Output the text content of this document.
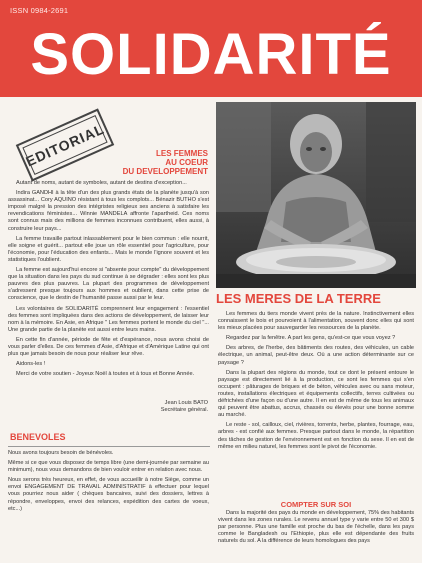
ISSN 0984-2691
SOLIDARITÉ
EDITORIAL	LES FEMMES
AU COEUR
DU DEVELOPPEMENT

Autant de noms, autant de symboles, autant de destins d'exception...

Indira GANDHI à la tête d'un des plus grands états de la planète jusqu'à son assassinat... Cory AQUINO résistant à tous les complots... Bénazir BUTHO s'est imposé malgré la pression des intégristes religieux ses anciens à satisfaire les revendications féministes... Winnie MANDELA affronte l'apartheid. Ces noms sont connus mais des millions de femmes inconnues contribuent, elles aussi, à construire leur pays...

La femme travaille partout inlassablement pour le bien commun : elle nourrit, elle soigne et guérit... partout elle joue un rôle essentiel pour l'agriculture, pour l'économie, pour l'éducation des enfants... Mais le monde l'ignore souvent et les statistiques l'oublient.

La femme est aujourd'hui encore si "absente pour compte" du développement que la situation dans les pays du sud continue à se dégrader : elles sont les plus pauvres des plus pauvres. La plupart des programmes de développement s'adressent presque toujours aux hommes et oublient, dans cette prise de conscience, que le destin de l'humanité passe aussi par le leur.

Les volontaires de SOLIDARITÉ comprennent leur engagement : l'essentiel des femmes sont impliquées dans des actions de développement, de laisser leur nom à la mémoire. En Asie, en Afrique " Les femmes portent le monde du ciel "... Une grande partie de la planète est aussi entre leurs mains.

En cette fin d'année, période de fête et d'espérance, nous avons choisi de vous parler d'elles. De ces femmes d'Asie, d'Afrique et d'Amérique Latine qui ont plus que jamais besoin de nous pour réaliser leur rêve.

Aidons-les !

Merci de votre soutien - Joyeux Noël à toutes et à tous et Bonne Année.

Jean Louis BATO
Secrétaire général.
BENEVOLES

Nous avons toujours besoin de bénévoles.

Même si ce que vous disposez de temps libre (une demi-journée par semaine au minimum), nous vous demandons de bien vouloir entrer en relation avec nous.

Nous serons très heureux, en effet, de vous accueillir à notre Siège, comme un envoi ENGAGEMENT DE TRAVAIL ADMINISTRATIF à effectuer pour lequel vous pourriez nous aider ( chèques bancaires, suivi des dossiers, lettres à répondre, enveloppes, envoi des relances, expédition des cartes de voeux, etc...)

LES MERES DE LA TERRE

Les femmes du tiers monde vivent près de la nature. Instinctivement elles connaissent le bois et pourvoient à l'alimentation, souvent donc elles qui sont les mieux placées pour sauvegarder les ressources de la planète.

Regardez par la fenêtre. A part les gens, qu'est-ce que vous voyez ?

Des arbres, de l'herbe, des bâtiments des routes, des véhicules, un cable électrique, un animal, peut-être deux. Où a une action déterminante sur ce paysage ?

Dans la plupart des régions du monde, tout ce dont le présent entoure le paysage est directement lié à la production, ce sont les femmes qui s'en occupent : pâturages de briques et de béton, véhicules avec ou sans moteur, routes, installations électriques et équipements collectifs, terres cultivées ou défrichées d'une façon ou d'une autre. Il en est de même de tous les animaux qui peuvent être abattus, accrus, chassés ou élevés pour une bonne somme au marché.

Le reste - sol, cailloux, ciel, rivières, torrents, herbe, plantes, fourrage, eau, arbres - est confié aux femmes. Presque partout dans le monde, la répartition des tâches de gestion de l'environnement est en fonction du sexe. Il en est de même en milieu naturel, les femmes sont le pivot de l'économie.

COMPTER SUR SOI

Dans la majorité des pays du monde en développement, 75% des habitants vivent dans les zones rurales. Le revenu annuel type y varie entre 50 et 300 $ par personne. Plus une famille est proche du bas de l'échelle, dans les pays comme le Bangladesh ou l'Ethiopie, plus elle est dépendante des fruits naturels du sol. A la différence de leurs homologues des pays
